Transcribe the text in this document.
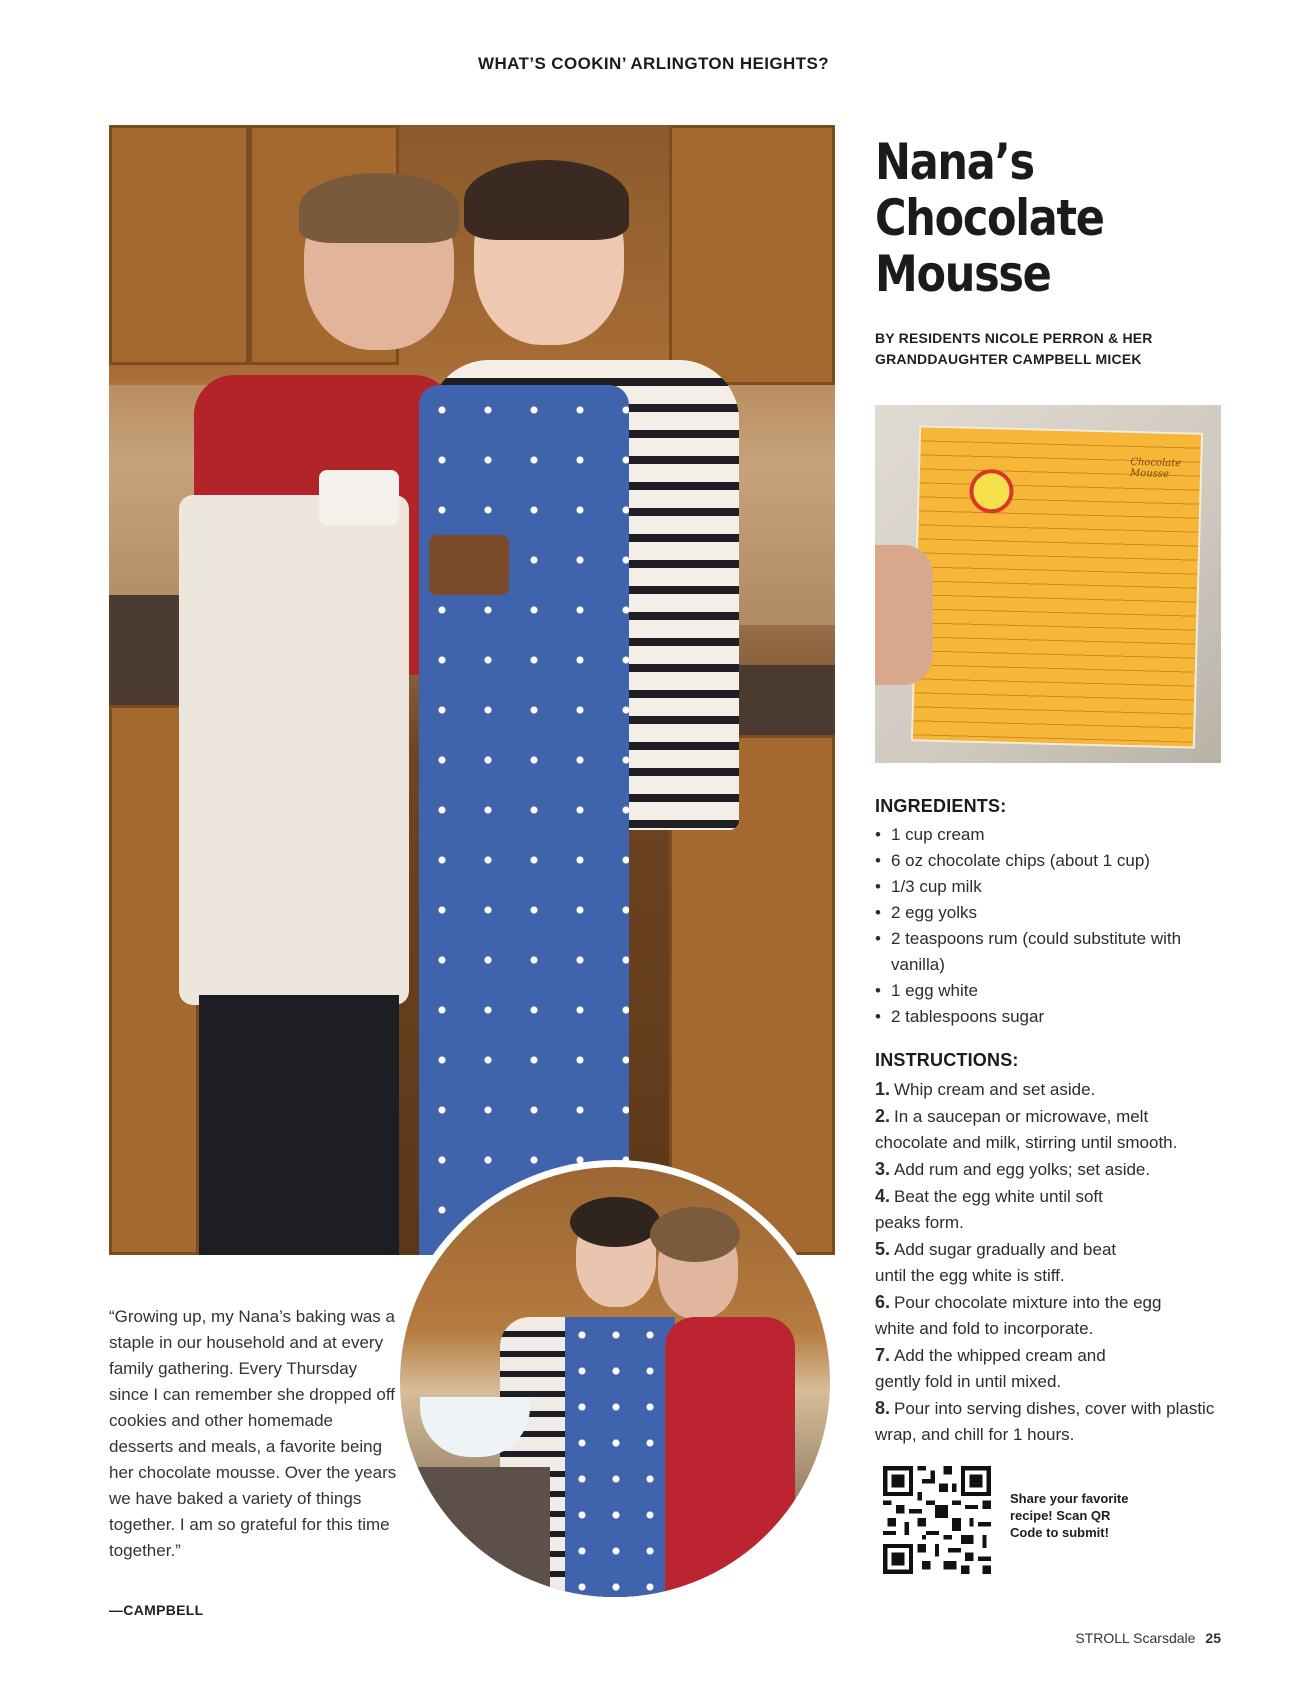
WHAT’S COOKIN’ ARLINGTON HEIGHTS?
Nana’s
Chocolate
Mousse
BY RESIDENTS NICOLE PERRON & HER
GRANDDAUGHTER CAMPBELL MICEK
Chocolate Mousse
INGREDIENTS:
• 1 cup cream
• 6 oz chocolate chips (about 1 cup)
• 1/3 cup milk
• 2 egg yolks
• 2 teaspoons rum (could substitute with vanilla)
• 1 egg white
• 2 tablespoons sugar
INSTRUCTIONS:
1. Whip cream and set aside.
2. In a saucepan or microwave, melt chocolate and milk, stirring until smooth.
3. Add rum and egg yolks; set aside.
4. Beat the egg white until soft peaks form.
5. Add sugar gradually and beat until the egg white is stiff.
6. Pour chocolate mixture into the egg white and fold to incorporate.
7. Add the whipped cream and gently fold in until mixed.
8. Pour into serving dishes, cover with plastic wrap, and chill for 1 hours.
“Growing up, my Nana’s baking was a staple in our household and at every family gathering. Every Thursday since I can remember she dropped off cookies and other homemade desserts and meals, a favorite being her chocolate mousse. Over the years we have baked a variety of things together. I am so grateful for this time together.”
—CAMPBELL
Share your favorite recipe! Scan QR Code to submit!
STROLL Scarsdale 25
